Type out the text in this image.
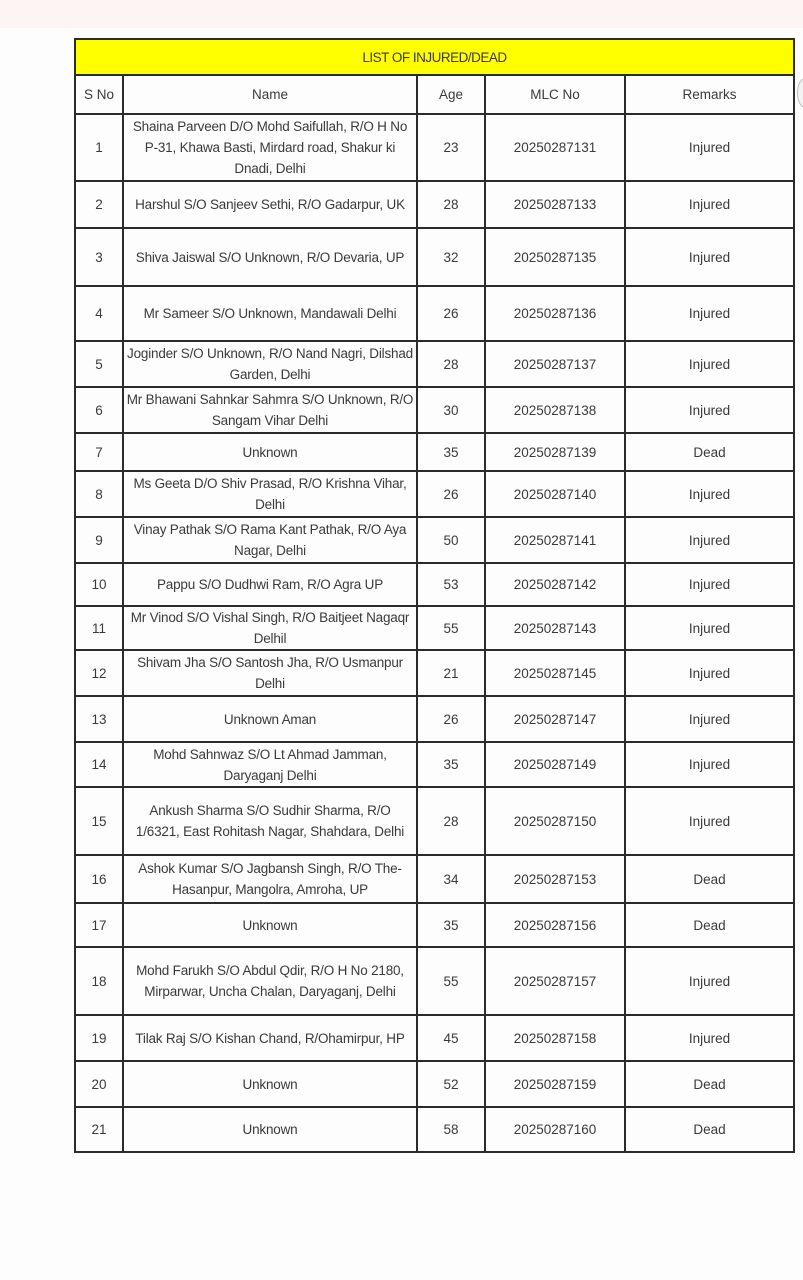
LIST OF INJURED/DEAD				
S No	Name	Age	MLC No	Remarks
1	Shaina Parveen D/O Mohd Saifullah, R/O H No P-31, Khawa Basti, Mirdard road, Shakur ki Dnadi, Delhi	23	20250287131	Injured
2	Harshul S/O Sanjeev Sethi, R/O Gadarpur, UK	28	20250287133	Injured
3	Shiva Jaiswal S/O Unknown, R/O Devaria, UP	32	20250287135	Injured
4	Mr Sameer S/O Unknown, Mandawali Delhi	26	20250287136	Injured
5	Joginder S/O Unknown, R/O Nand Nagri, Dilshad Garden, Delhi	28	20250287137	Injured
6	Mr Bhawani Sahnkar Sahmra S/O Unknown, R/O Sangam Vihar Delhi	30	20250287138	Injured
7	Unknown	35	20250287139	Dead
8	Ms Geeta D/O Shiv Prasad, R/O Krishna Vihar, Delhi	26	20250287140	Injured
9	Vinay Pathak S/O Rama Kant Pathak, R/O Aya Nagar, Delhi	50	20250287141	Injured
10	Pappu S/O Dudhwi Ram, R/O Agra UP	53	20250287142	Injured
11	Mr Vinod S/O Vishal Singh, R/O Baitjeet Nagaqr Delhil	55	20250287143	Injured
12	Shivam Jha S/O Santosh Jha, R/O Usmanpur Delhi	21	20250287145	Injured
13	Unknown Aman	26	20250287147	Injured
14	Mohd Sahnwaz S/O Lt Ahmad Jamman, Daryaganj Delhi	35	20250287149	Injured
15	Ankush Sharma S/O Sudhir Sharma, R/O 1/6321, East Rohitash Nagar, Shahdara, Delhi	28	20250287150	Injured
16	Ashok Kumar S/O Jagbansh Singh, R/O The-Hasanpur, Mangolra, Amroha, UP	34	20250287153	Dead
17	Unknown	35	20250287156	Dead
18	Mohd Farukh S/O Abdul Qdir, R/O H No 2180, Mirparwar, Uncha Chalan, Daryaganj, Delhi	55	20250287157	Injured
19	Tilak Raj S/O Kishan Chand, R/Ohamirpur, HP	45	20250287158	Injured
20	Unknown	52	20250287159	Dead
21	Unknown	58	20250287160	Dead
